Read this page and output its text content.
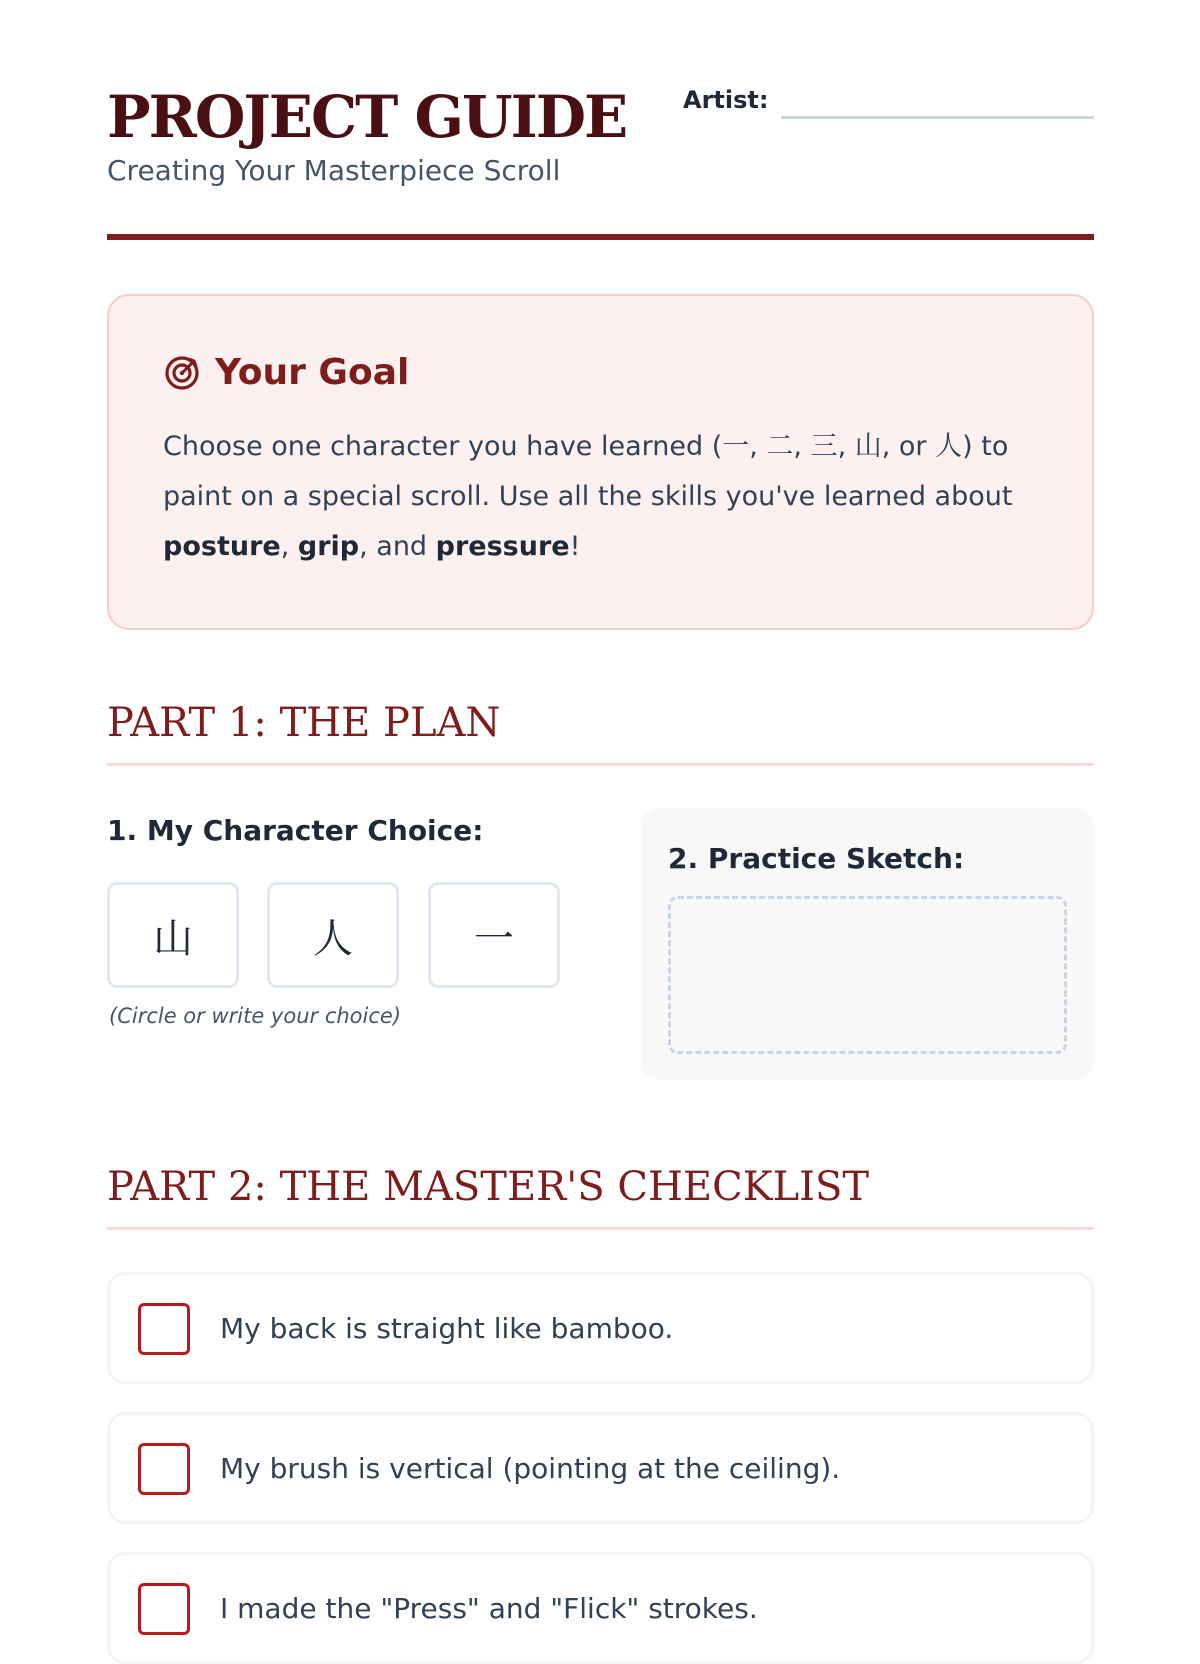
PROJECT GUIDE
Creating Your Masterpiece Scroll
Artist:
Your Goal

Choose one character you have learned (一, 二, 三, 山, or 人) to paint on a special scroll. Use all the skills you've learned about posture, grip, and pressure!

PART 1: THE PLAN
1. My Character Choice:
山	人	一
(Circle or write your choice)
2. Practice Sketch:
PART 2: THE MASTER'S CHECKLIST
My back is straight like bamboo.
My brush is vertical (pointing at the ceiling).
I made the "Press" and "Flick" strokes.
